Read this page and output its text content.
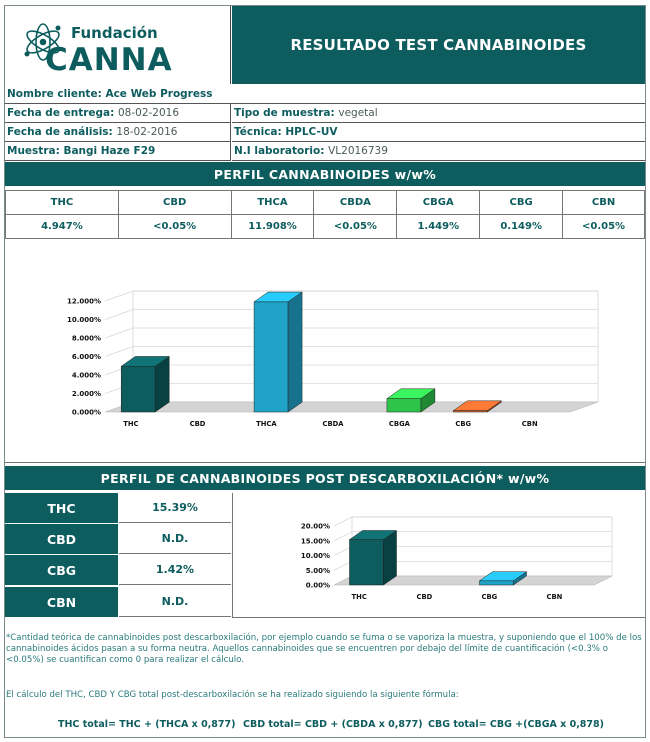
Fundación
CANNA	RESULTADO TEST CANNABINOIDES
Nombre cliente: Ace Web Progress
Fecha de entrega: 08-02-2016	Tipo de muestra: vegetal
Fecha de análisis: 18-02-2016	Técnica: HPLC-UV
Muestra: Bangi Haze F29	N.I laboratorio: VL2016739
PERFIL CANNABINOIDES w/w%
THC	CBD	THCA	CBDA	CBGA	CBG	CBN
4.947%	<0.05%	11.908%	<0.05%	1.449%	0.149%	<0.05%
0.000%
2.000%
4.000%
6.000%
8.000%
10.000%
12.000%
THC	CBD	THCA	CBDA	CBGA	CBG	CBN
PERFIL DE CANNABINOIDES POST DESCARBOXILACIÓN* w/w%
THC	15.39%
CBD	N.D.
CBG	1.42%
CBN	N.D.
0.00%
5.00%
10.00%
15.00%
20.00%
THC	CBD	CBG	CBN
*Cantidad teórica de cannabinoides post descarboxilación, por ejemplo cuando se fuma o se vaporiza la muestra, y suponiendo que el 100% de los cannabinoides ácidos pasan a su forma neutra. Aquellos cannabinoides que se encuentren por debajo del límite de cuantificación (<0.3% o <0.05%) se cuantifican como 0 para realizar el cálculo.
El cálculo del THC, CBD Y CBG total post-descarboxilación se ha realizado siguiendo la siguiente fórmula:
THC total= THC + (THCA x 0,877) CBD total= CBD + (CBDA x 0,877) CBG total= CBG +(CBGA x 0,878)
